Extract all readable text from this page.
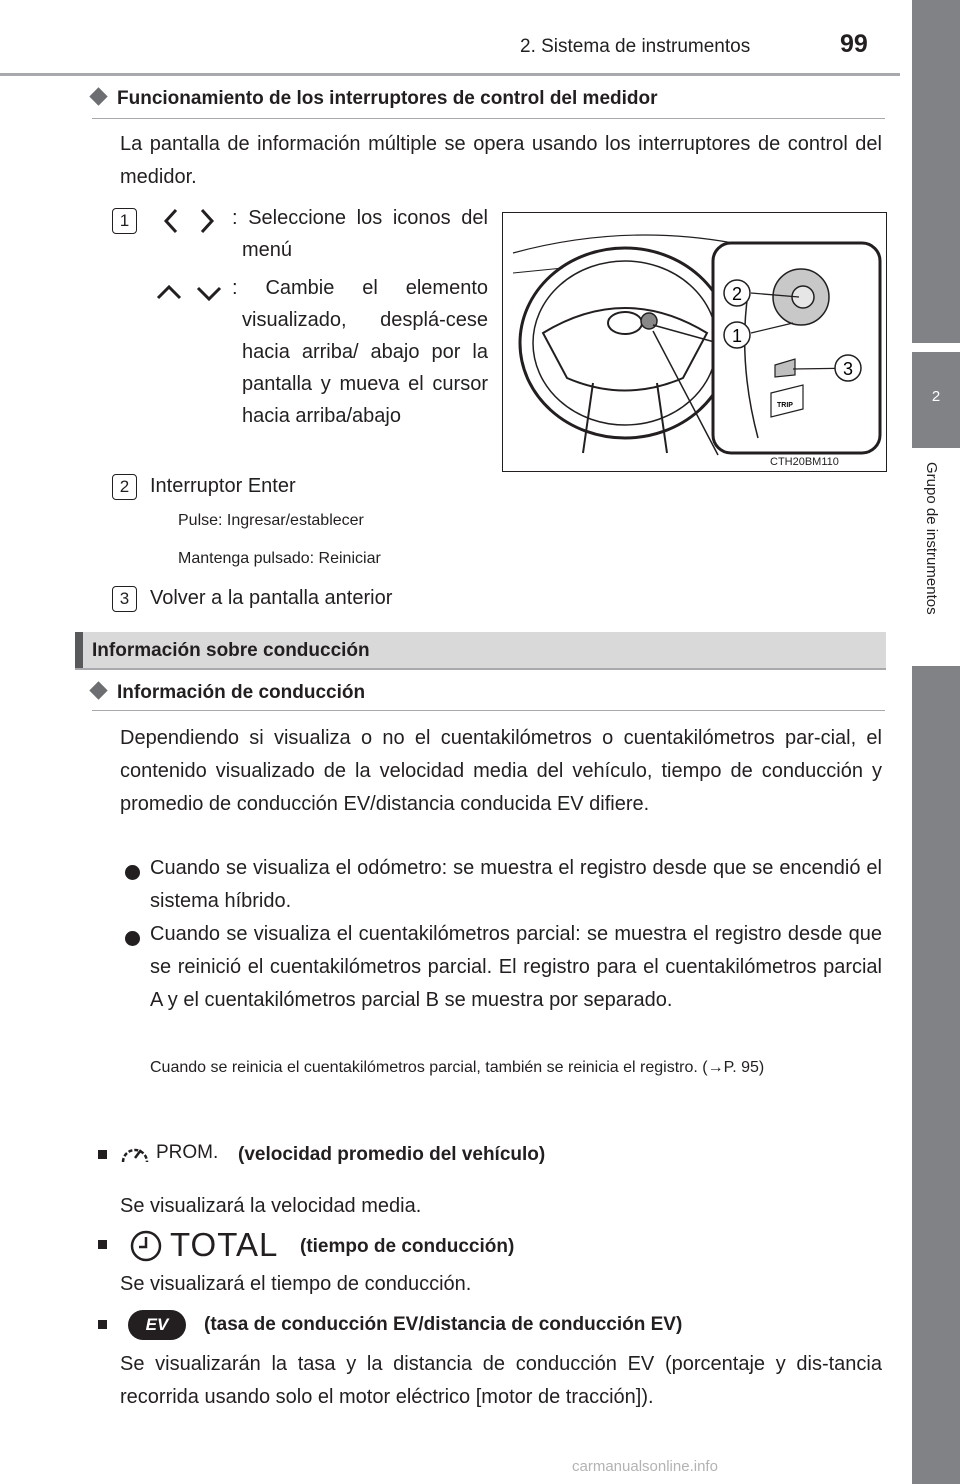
2. Sistema de instrumentos	99
2
Grupo de instrumentos
Funcionamiento de los interruptores de control del medidor
La pantalla de información múltiple se opera usando los interruptores de control del medidor.
1	: Seleccione los iconos del menú
: Cambie el elemento visualizado, desplá-cese hacia arriba/ abajo por la pantalla y mueva el cursor hacia arriba/abajo	TRIP
2
1
3
CTH20BM110
2	Interruptor Enter
Pulse: Ingresar/establecer
Mantenga pulsado: Reiniciar
3	Volver a la pantalla anterior
Información sobre conducción
Información de conducción
Dependiendo si visualiza o no el cuentakilómetros o cuentakilómetros par-cial, el contenido visualizado de la velocidad media del vehículo, tiempo de conducción y promedio de conducción EV/distancia conducida EV difiere.
Cuando se visualiza el odómetro: se muestra el registro desde que se encendió el sistema híbrido.
Cuando se visualiza el cuentakilómetros parcial: se muestra el registro desde que se reinició el cuentakilómetros parcial. El registro para el cuentakilómetros parcial A y el cuentakilómetros parcial B se muestra por separado.
Cuando se reinicia el cuentakilómetros parcial, también se reinicia el registro. (→P. 95)
PROM. (velocidad promedio del vehículo)
Se visualizará la velocidad media.
TOTAL (tiempo de conducción)
Se visualizará el tiempo de conducción.
EV	(tasa de conducción EV/distancia de conducción EV)
Se visualizarán la tasa y la distancia de conducción EV (porcentaje y dis-tancia recorrida usando solo el motor eléctrico [motor de tracción]).
carmanualsonline.info
